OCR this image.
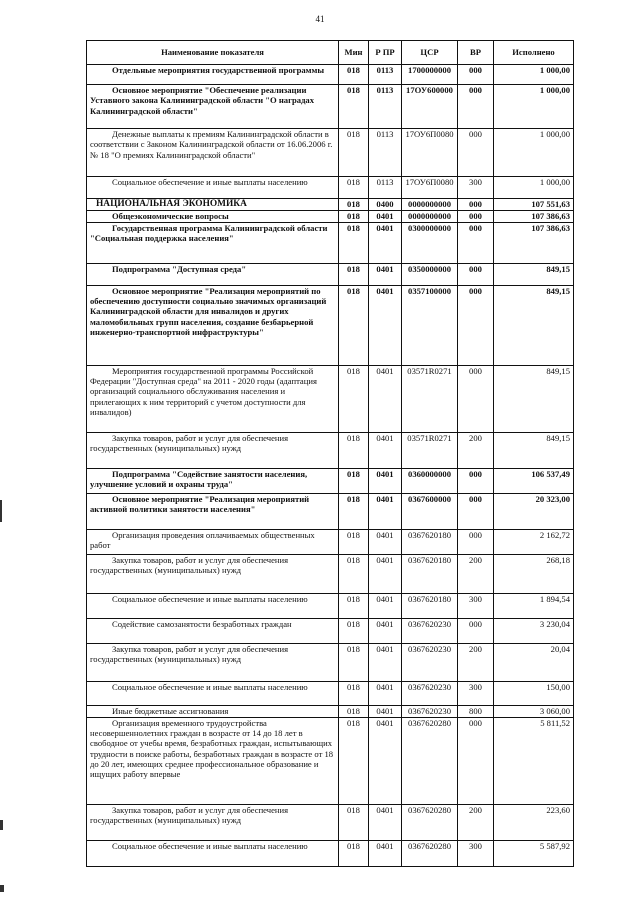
41
Наименование показателя	Мин	Р ПР	ЦСР	ВР	Исполнено
Отдельные мероприятия государственной программы	018	0113	1700000000	000	1 000,00
Основное мероприятие "Обеспечение реализации Уставного закона Калининградской области "О наградах Калининградской области"	018	0113	17ОУ600000	000	1 000,00
Денежные выплаты к премиям Калининградской области в соответствии с Законом Калининградской области от 16.06.2006 г. № 18 "О премиях Калининградской области"	018	0113	17ОУ6П0080	000	1 000,00
Социальное обеспечение и иные выплаты населению	018	0113	17ОУ6П0080	300	1 000,00
НАЦИОНАЛЬНАЯ ЭКОНОМИКА	018	0400	0000000000	000	107 551,63
Общеэкономические вопросы	018	0401	0000000000	000	107 386,63
Государственная программа Калининградской области "Социальная поддержка населения"	018	0401	0300000000	000	107 386,63
Подпрограмма "Доступная среда"	018	0401	0350000000	000	849,15
Основное мероприятие "Реализация мероприятий по обеспечению доступности социально значимых организаций Калининградской области для инвалидов и других маломобильных групп населения, создание безбарьерной инженерно-транспортной инфраструктуры"	018	0401	0357100000	000	849,15
Мероприятия государственной программы Российской Федерации "Доступная среда" на 2011 - 2020 годы (адаптация организаций социального обслуживания населения и прилегающих к ним территорий с учетом доступности для инвалидов)	018	0401	03571R0271	000	849,15
Закупка товаров, работ и услуг для обеспечения государственных (муниципальных) нужд	018	0401	03571R0271	200	849,15
Подпрограмма "Содействие занятости населения, улучшение условий и охраны труда"	018	0401	0360000000	000	106 537,49
Основное мероприятие "Реализация мероприятий активной политики занятости населения"	018	0401	0367600000	000	20 323,00
Организация проведения оплачиваемых общественных работ	018	0401	0367620180	000	2 162,72
Закупка товаров, работ и услуг для обеспечения государственных (муниципальных) нужд	018	0401	0367620180	200	268,18
Социальное обеспечение и иные выплаты населению	018	0401	0367620180	300	1 894,54
Содействие самозанятости безработных граждан	018	0401	0367620230	000	3 230,04
Закупка товаров, работ и услуг для обеспечения государственных (муниципальных) нужд	018	0401	0367620230	200	20,04
Социальное обеспечение и иные выплаты населению	018	0401	0367620230	300	150,00
Иные бюджетные ассигнования	018	0401	0367620230	800	3 060,00
Организация временного трудоустройства несовершеннолетних граждан в возрасте от 14 до 18 лет в свободное от учебы время, безработных граждан, испытывающих трудности в поиске работы, безработных граждан в возрасте от 18 до 20 лет, имеющих среднее профессиональное образование и ищущих работу впервые	018	0401	0367620280	000	5 811,52
Закупка товаров, работ и услуг для обеспечения государственных (муниципальных) нужд	018	0401	0367620280	200	223,60
Социальное обеспечение и иные выплаты населению	018	0401	0367620280	300	5 587,92
